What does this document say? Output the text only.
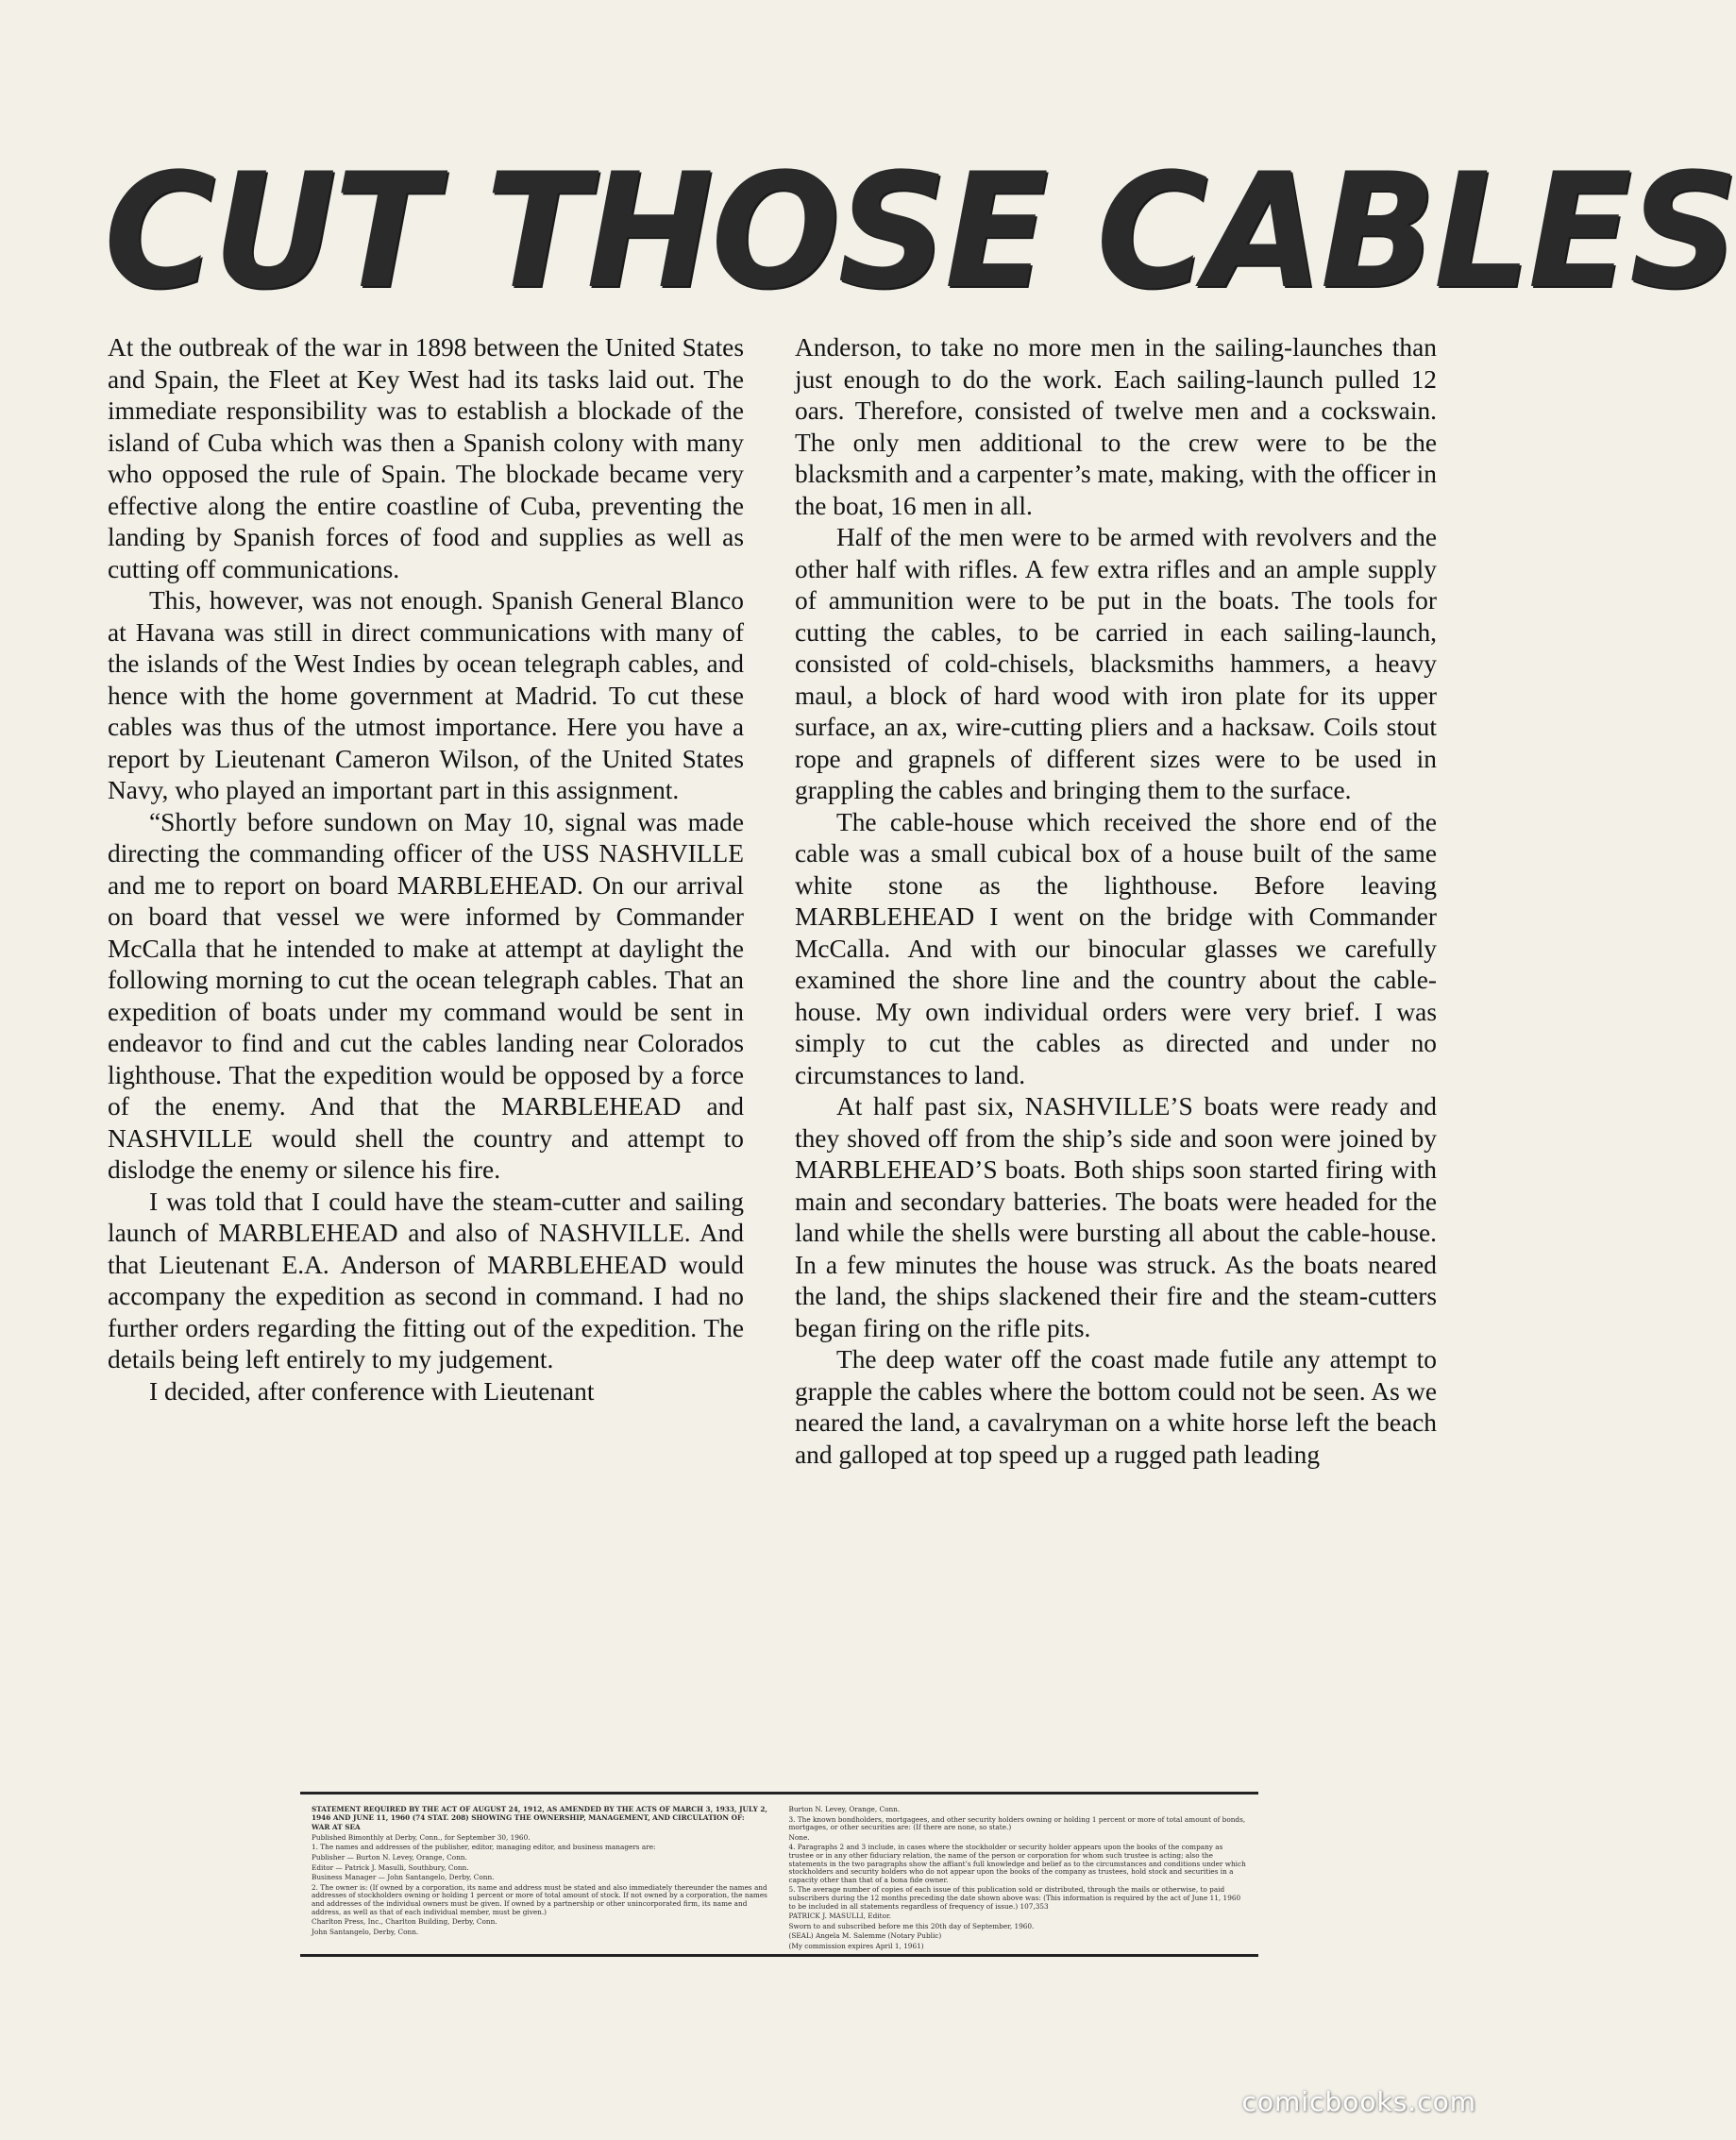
CUT THOSE CABLES

At the outbreak of the war in 1898 between the United States and Spain, the Fleet at Key West had its tasks laid out. The immediate responsibility was to establish a blockade of the island of Cuba which was then a Spanish colony with many who opposed the rule of Spain. The blockade became very effective along the entire coastline of Cuba, preventing the landing by Spanish forces of food and supplies as well as cutting off communications.

This, however, was not enough. Spanish General Blanco at Havana was still in direct communications with many of the islands of the West Indies by ocean telegraph cables, and hence with the home government at Madrid. To cut these cables was thus of the utmost importance. Here you have a report by Lieutenant Cameron Wilson, of the United States Navy, who played an important part in this assignment.

“Shortly before sundown on May 10, signal was made directing the commanding officer of the USS NASHVILLE and me to report on board MARBLEHEAD. On our arrival on board that vessel we were informed by Commander McCalla that he intended to make at attempt at daylight the following morning to cut the ocean telegraph cables. That an expedition of boats under my command would be sent in endeavor to find and cut the cables landing near Colorados lighthouse. That the expedition would be opposed by a force of the enemy. And that the MARBLEHEAD and NASHVILLE would shell the country and attempt to dislodge the enemy or silence his fire.

I was told that I could have the steam-cutter and sailing launch of MARBLEHEAD and also of NASHVILLE. And that Lieutenant E.A. Anderson of MARBLEHEAD would accompany the expedition as second in command. I had no further orders regarding the fitting out of the expedition. The details being left entirely to my judgement.

I decided, after conference with Lieutenant

Anderson, to take no more men in the sailing-launches than just enough to do the work. Each sailing-launch pulled 12 oars. Therefore, consisted of twelve men and a cockswain. The only men additional to the crew were to be the blacksmith and a carpenter’s mate, making, with the officer in the boat, 16 men in all.

Half of the men were to be armed with revolvers and the other half with rifles. A few extra rifles and an ample supply of ammunition were to be put in the boats. The tools for cutting the cables, to be carried in each sailing-launch, consisted of cold-chisels, blacksmiths hammers, a heavy maul, a block of hard wood with iron plate for its upper surface, an ax, wire-cutting pliers and a hacksaw. Coils stout rope and grapnels of different sizes were to be used in grappling the cables and bringing them to the surface.

The cable-house which received the shore end of the cable was a small cubical box of a house built of the same white stone as the lighthouse. Before leaving MARBLEHEAD I went on the bridge with Commander McCalla. And with our binocular glasses we carefully examined the shore line and the country about the cable-house. My own individual orders were very brief. I was simply to cut the cables as directed and under no circumstances to land.

At half past six, NASHVILLE’S boats were ready and they shoved off from the ship’s side and soon were joined by MARBLEHEAD’S boats. Both ships soon started firing with main and secondary batteries. The boats were headed for the land while the shells were bursting all about the cable-house. In a few minutes the house was struck. As the boats neared the land, the ships slackened their fire and the steam-cutters began firing on the rifle pits.

The deep water off the coast made futile any attempt to grapple the cables where the bottom could not be seen. As we neared the land, a cavalryman on a white horse left the beach and galloped at top speed up a rugged path leading

STATEMENT REQUIRED BY THE ACT OF AUGUST 24, 1912, AS AMENDED BY THE ACTS OF MARCH 3, 1933, JULY 2, 1946 AND JUNE 11, 1960 (74 STAT. 208) SHOWING THE OWNERSHIP, MANAGEMENT, AND CIRCULATION OF:

WAR AT SEA

Published Bimonthly at Derby, Conn., for September 30, 1960.

1. The names and addresses of the publisher, editor, managing editor, and business managers are:

Publisher — Burton N. Levey, Orange, Conn.

Editor — Patrick J. Masulli, Southbury, Conn.

Business Manager — John Santangelo, Derby, Conn.

2. The owner is: (If owned by a corporation, its name and address must be stated and also immediately thereunder the names and addresses of stockholders owning or holding 1 percent or more of total amount of stock. If not owned by a corporation, the names and addresses of the individual owners must be given. If owned by a partnership or other unincorporated firm, its name and address, as well as that of each individual member, must be given.)

Charlton Press, Inc., Charlton Building, Derby, Conn.

John Santangelo, Derby, Conn.

Burton N. Levey, Orange, Conn.

3. The known bondholders, mortgagees, and other security holders owning or holding 1 percent or more of total amount of bonds, mortgages, or other securities are: (If there are none, so state.)

None.

4. Paragraphs 2 and 3 include, in cases where the stockholder or security holder appears upon the books of the company as trustee or in any other fiduciary relation, the name of the person or corporation for whom such trustee is acting; also the statements in the two paragraphs show the affiant’s full knowledge and belief as to the circumstances and conditions under which stockholders and security holders who do not appear upon the books of the company as trustees, hold stock and securities in a capacity other than that of a bona fide owner.

5. The average number of copies of each issue of this publication sold or distributed, through the mails or otherwise, to paid subscribers during the 12 months preceding the date shown above was: (This information is required by the act of June 11, 1960 to be included in all statements regardless of frequency of issue.) 107,353

PATRICK J. MASULLI, Editor.

Sworn to and subscribed before me this 20th day of September, 1960.

(SEAL) Angela M. Salemme (Notary Public)

(My commission expires April 1, 1961)

comicbooks.com
